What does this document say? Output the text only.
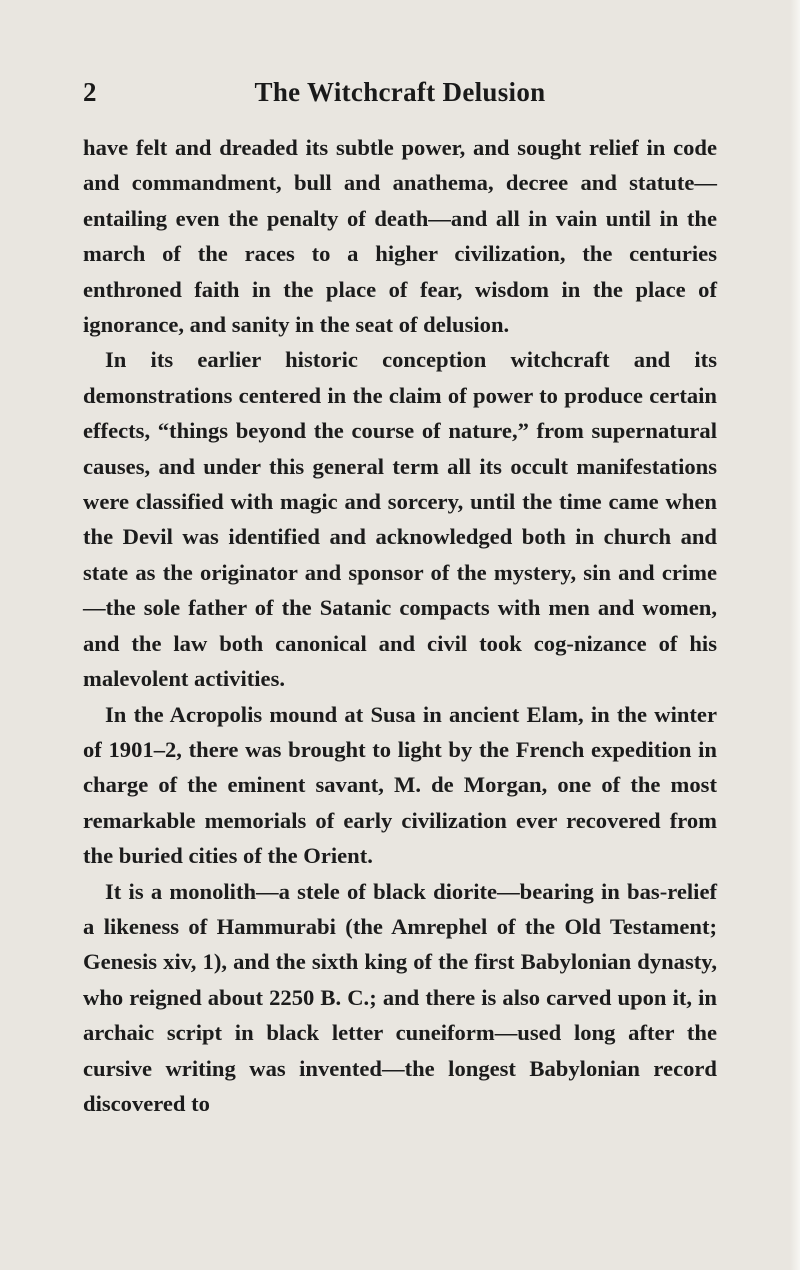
2	The Witchcraft Delusion

have felt and dreaded its subtle power, and sought relief in code and commandment, bull and anathema, decree and statute—entailing even the penalty of death—and all in vain until in the march of the races to a higher civilization, the centuries enthroned faith in the place of fear, wisdom in the place of ignorance, and sanity in the seat of delusion.

In its earlier historic conception witchcraft and its demonstrations centered in the claim of power to produce certain effects, “things beyond the course of nature,” from supernatural causes, and under this general term all its occult manifestations were classified with magic and sorcery, until the time came when the Devil was identified and acknowledged both in church and state as the originator and sponsor of the mystery, sin and crime —the sole father of the Satanic compacts with men and women, and the law both canonical and civil took cog-nizance of his malevolent activities.

In the Acropolis mound at Susa in ancient Elam, in the winter of 1901–2, there was brought to light by the French expedition in charge of the eminent savant, M. de Morgan, one of the most remarkable memorials of early civilization ever recovered from the buried cities of the Orient.

It is a monolith—a stele of black diorite—bearing in bas-relief a likeness of Hammurabi (the Amrephel of the Old Testament; Genesis xiv, 1), and the sixth king of the first Babylonian dynasty, who reigned about 2250 B. C.; and there is also carved upon it, in archaic script in black letter cuneiform—used long after the cursive writing was invented—the longest Babylonian record discovered to
